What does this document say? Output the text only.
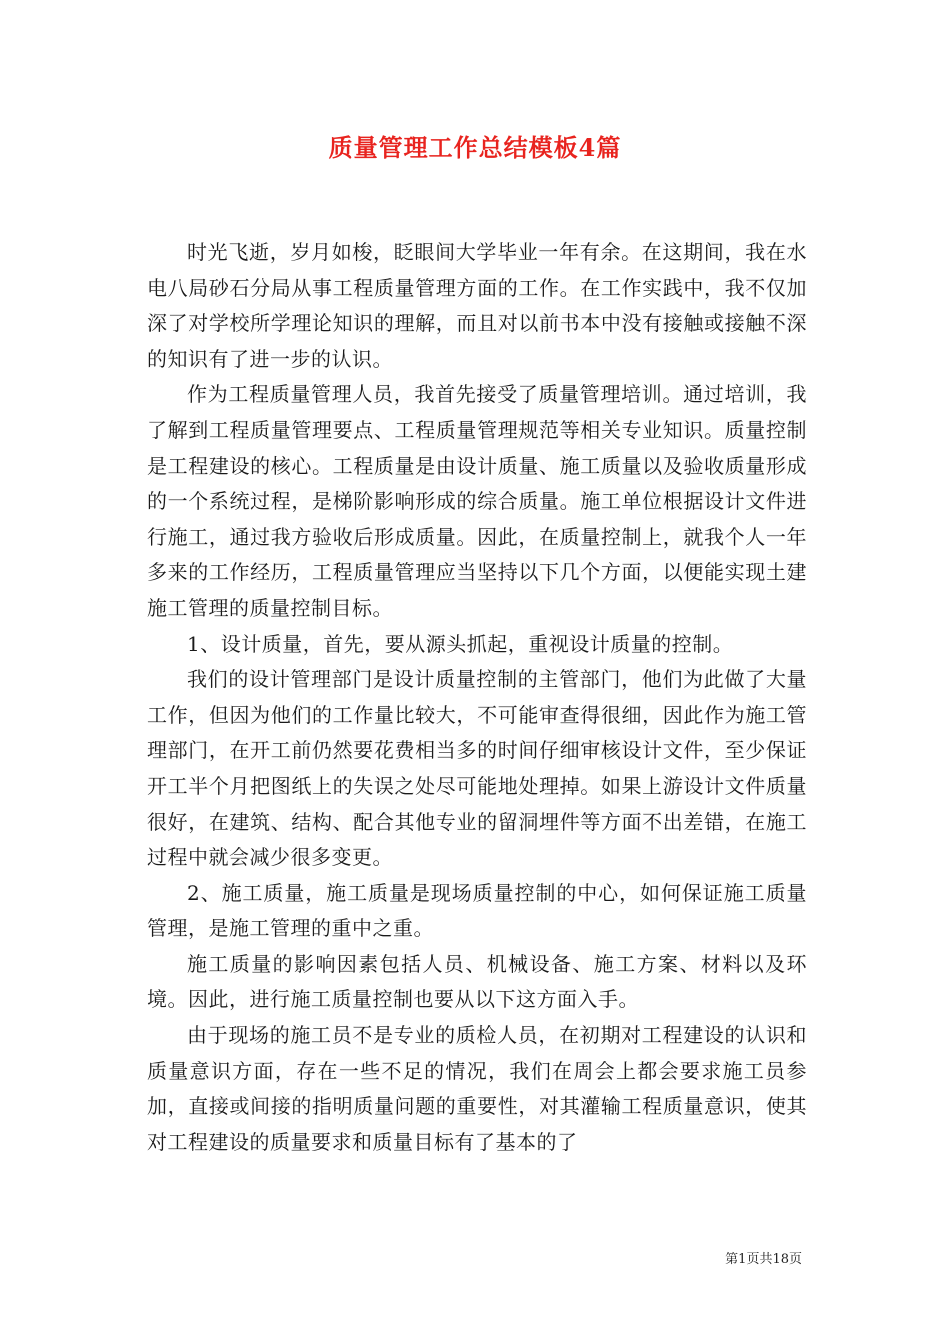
质量管理工作总结模板4篇

时光飞逝，岁月如梭，眨眼间大学毕业一年有余。在这期间，我在水电八局砂石分局从事工程质量管理方面的工作。在工作实践中，我不仅加深了对学校所学理论知识的理解，而且对以前书本中没有接触或接触不深的知识有了进一步的认识。

作为工程质量管理人员，我首先接受了质量管理培训。通过培训，我了解到工程质量管理要点、工程质量管理规范等相关专业知识。质量控制是工程建设的核心。工程质量是由设计质量、施工质量以及验收质量形成的一个系统过程，是梯阶影响形成的综合质量。施工单位根据设计文件进行施工，通过我方验收后形成质量。因此，在质量控制上，就我个人一年多来的工作经历，工程质量管理应当坚持以下几个方面，以便能实现土建施工管理的质量控制目标。

1、设计质量，首先，要从源头抓起，重视设计质量的控制。

我们的设计管理部门是设计质量控制的主管部门，他们为此做了大量工作，但因为他们的工作量比较大，不可能审查得很细，因此作为施工管理部门，在开工前仍然要花费相当多的时间仔细审核设计文件，至少保证开工半个月把图纸上的失误之处尽可能地处理掉。如果上游设计文件质量很好，在建筑、结构、配合其他专业的留洞埋件等方面不出差错，在施工过程中就会减少很多变更。

2、施工质量，施工质量是现场质量控制的中心，如何保证施工质量管理，是施工管理的重中之重。

施工质量的影响因素包括人员、机械设备、施工方案、材料以及环境。因此，进行施工质量控制也要从以下这方面入手。

由于现场的施工员不是专业的质检人员，在初期对工程建设的认识和质量意识方面，存在一些不足的情况，我们在周会上都会要求施工员参加，直接或间接的指明质量问题的重要性，对其灌输工程质量意识，使其对工程建设的质量要求和质量目标有了基本的了

第1页共18页
